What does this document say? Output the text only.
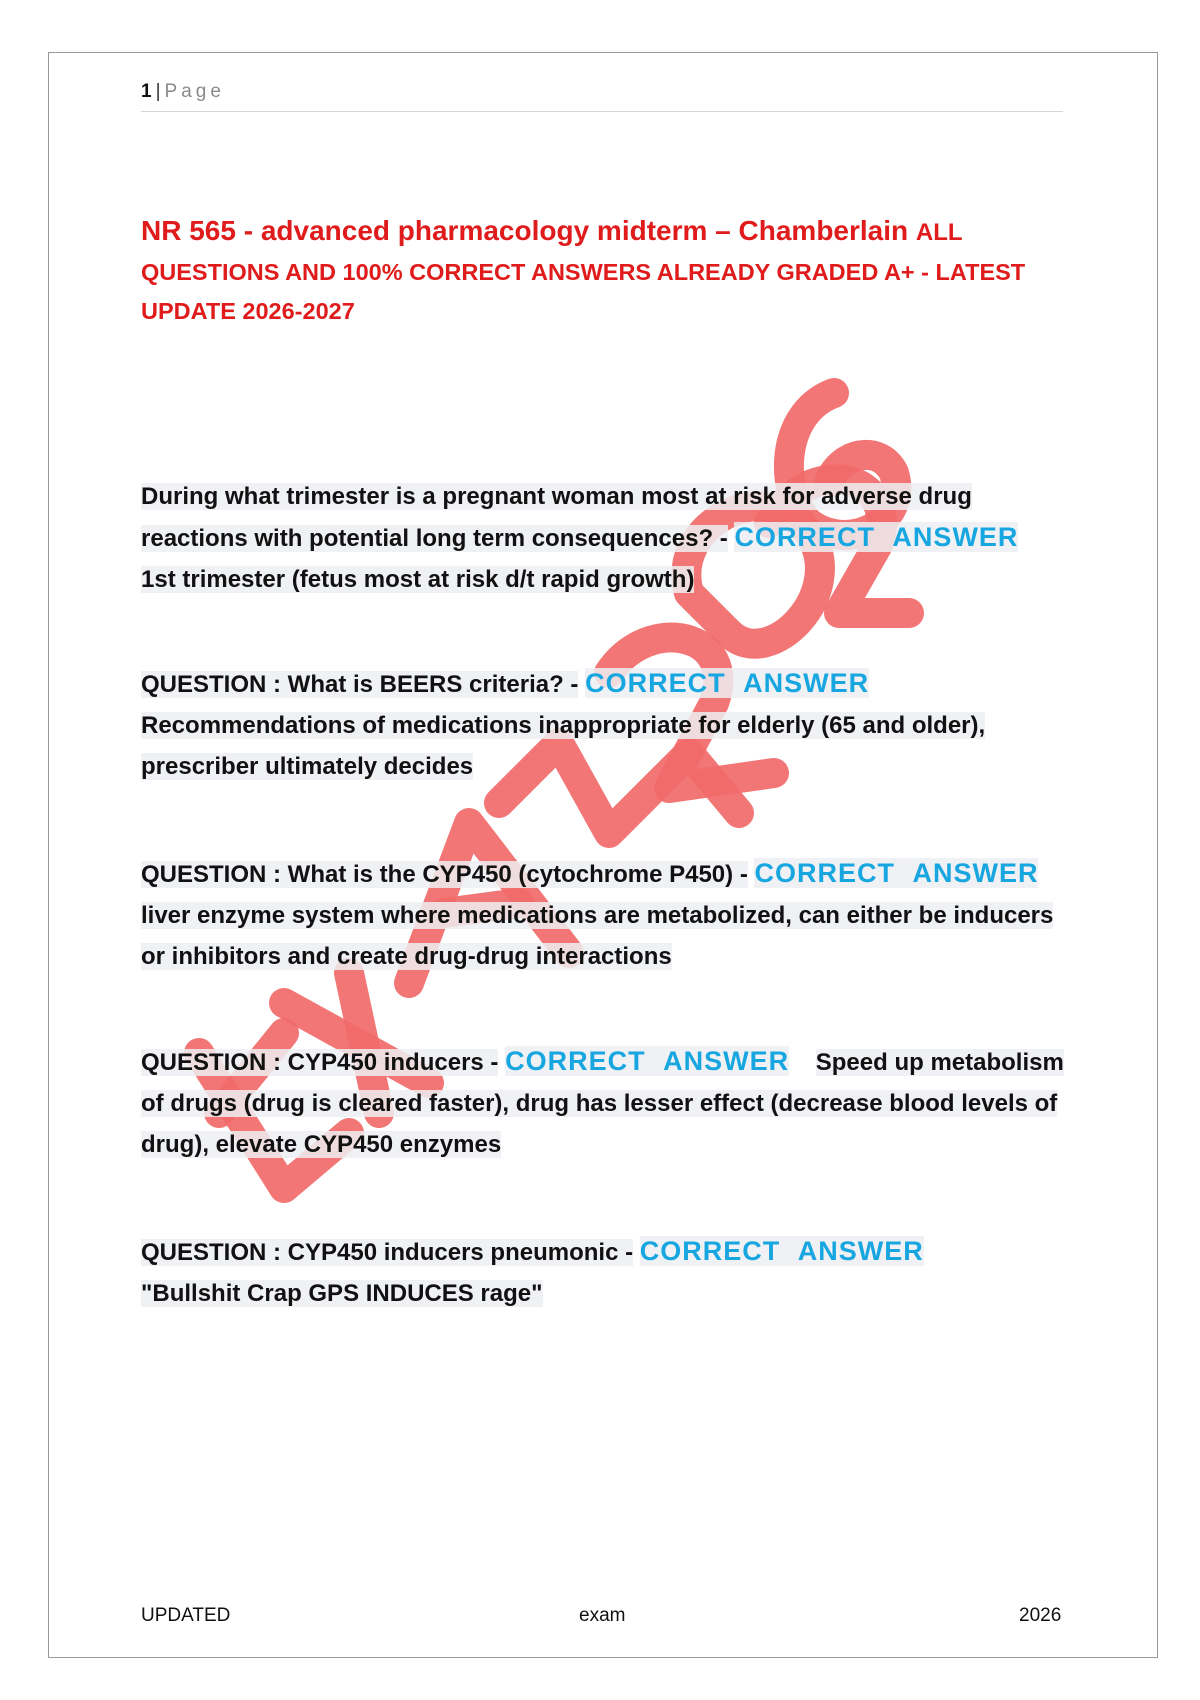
1 | Page
NR 565 - advanced pharmacology midterm – Chamberlain ALL
QUESTIONS AND 100% CORRECT ANSWERS ALREADY GRADED A+ - LATEST
UPDATE 2026-2027
During what trimester is a pregnant woman most at risk for adverse drug reactions with potential long term consequences? - CORRECT ANSWER
1st trimester (fetus most at risk d/t rapid growth)
QUESTION : What is BEERS criteria? - CORRECT ANSWER
Recommendations of medications inappropriate for elderly (65 and older), prescriber ultimately decides
QUESTION : What is the CYP450 (cytochrome P450) - CORRECT ANSWER
liver enzyme system where medications are metabolized, can either be inducers or inhibitors and create drug-drug interactions
QUESTION : CYP450 inducers - CORRECT ANSWER Speed up metabolism of drugs (drug is cleared faster), drug has lesser effect (decrease blood levels of drug), elevate CYP450 enzymes
QUESTION : CYP450 inducers pneumonic - CORRECT ANSWER
"Bullshit Crap GPS INDUCES rage"
UPDATED	exam	2026
